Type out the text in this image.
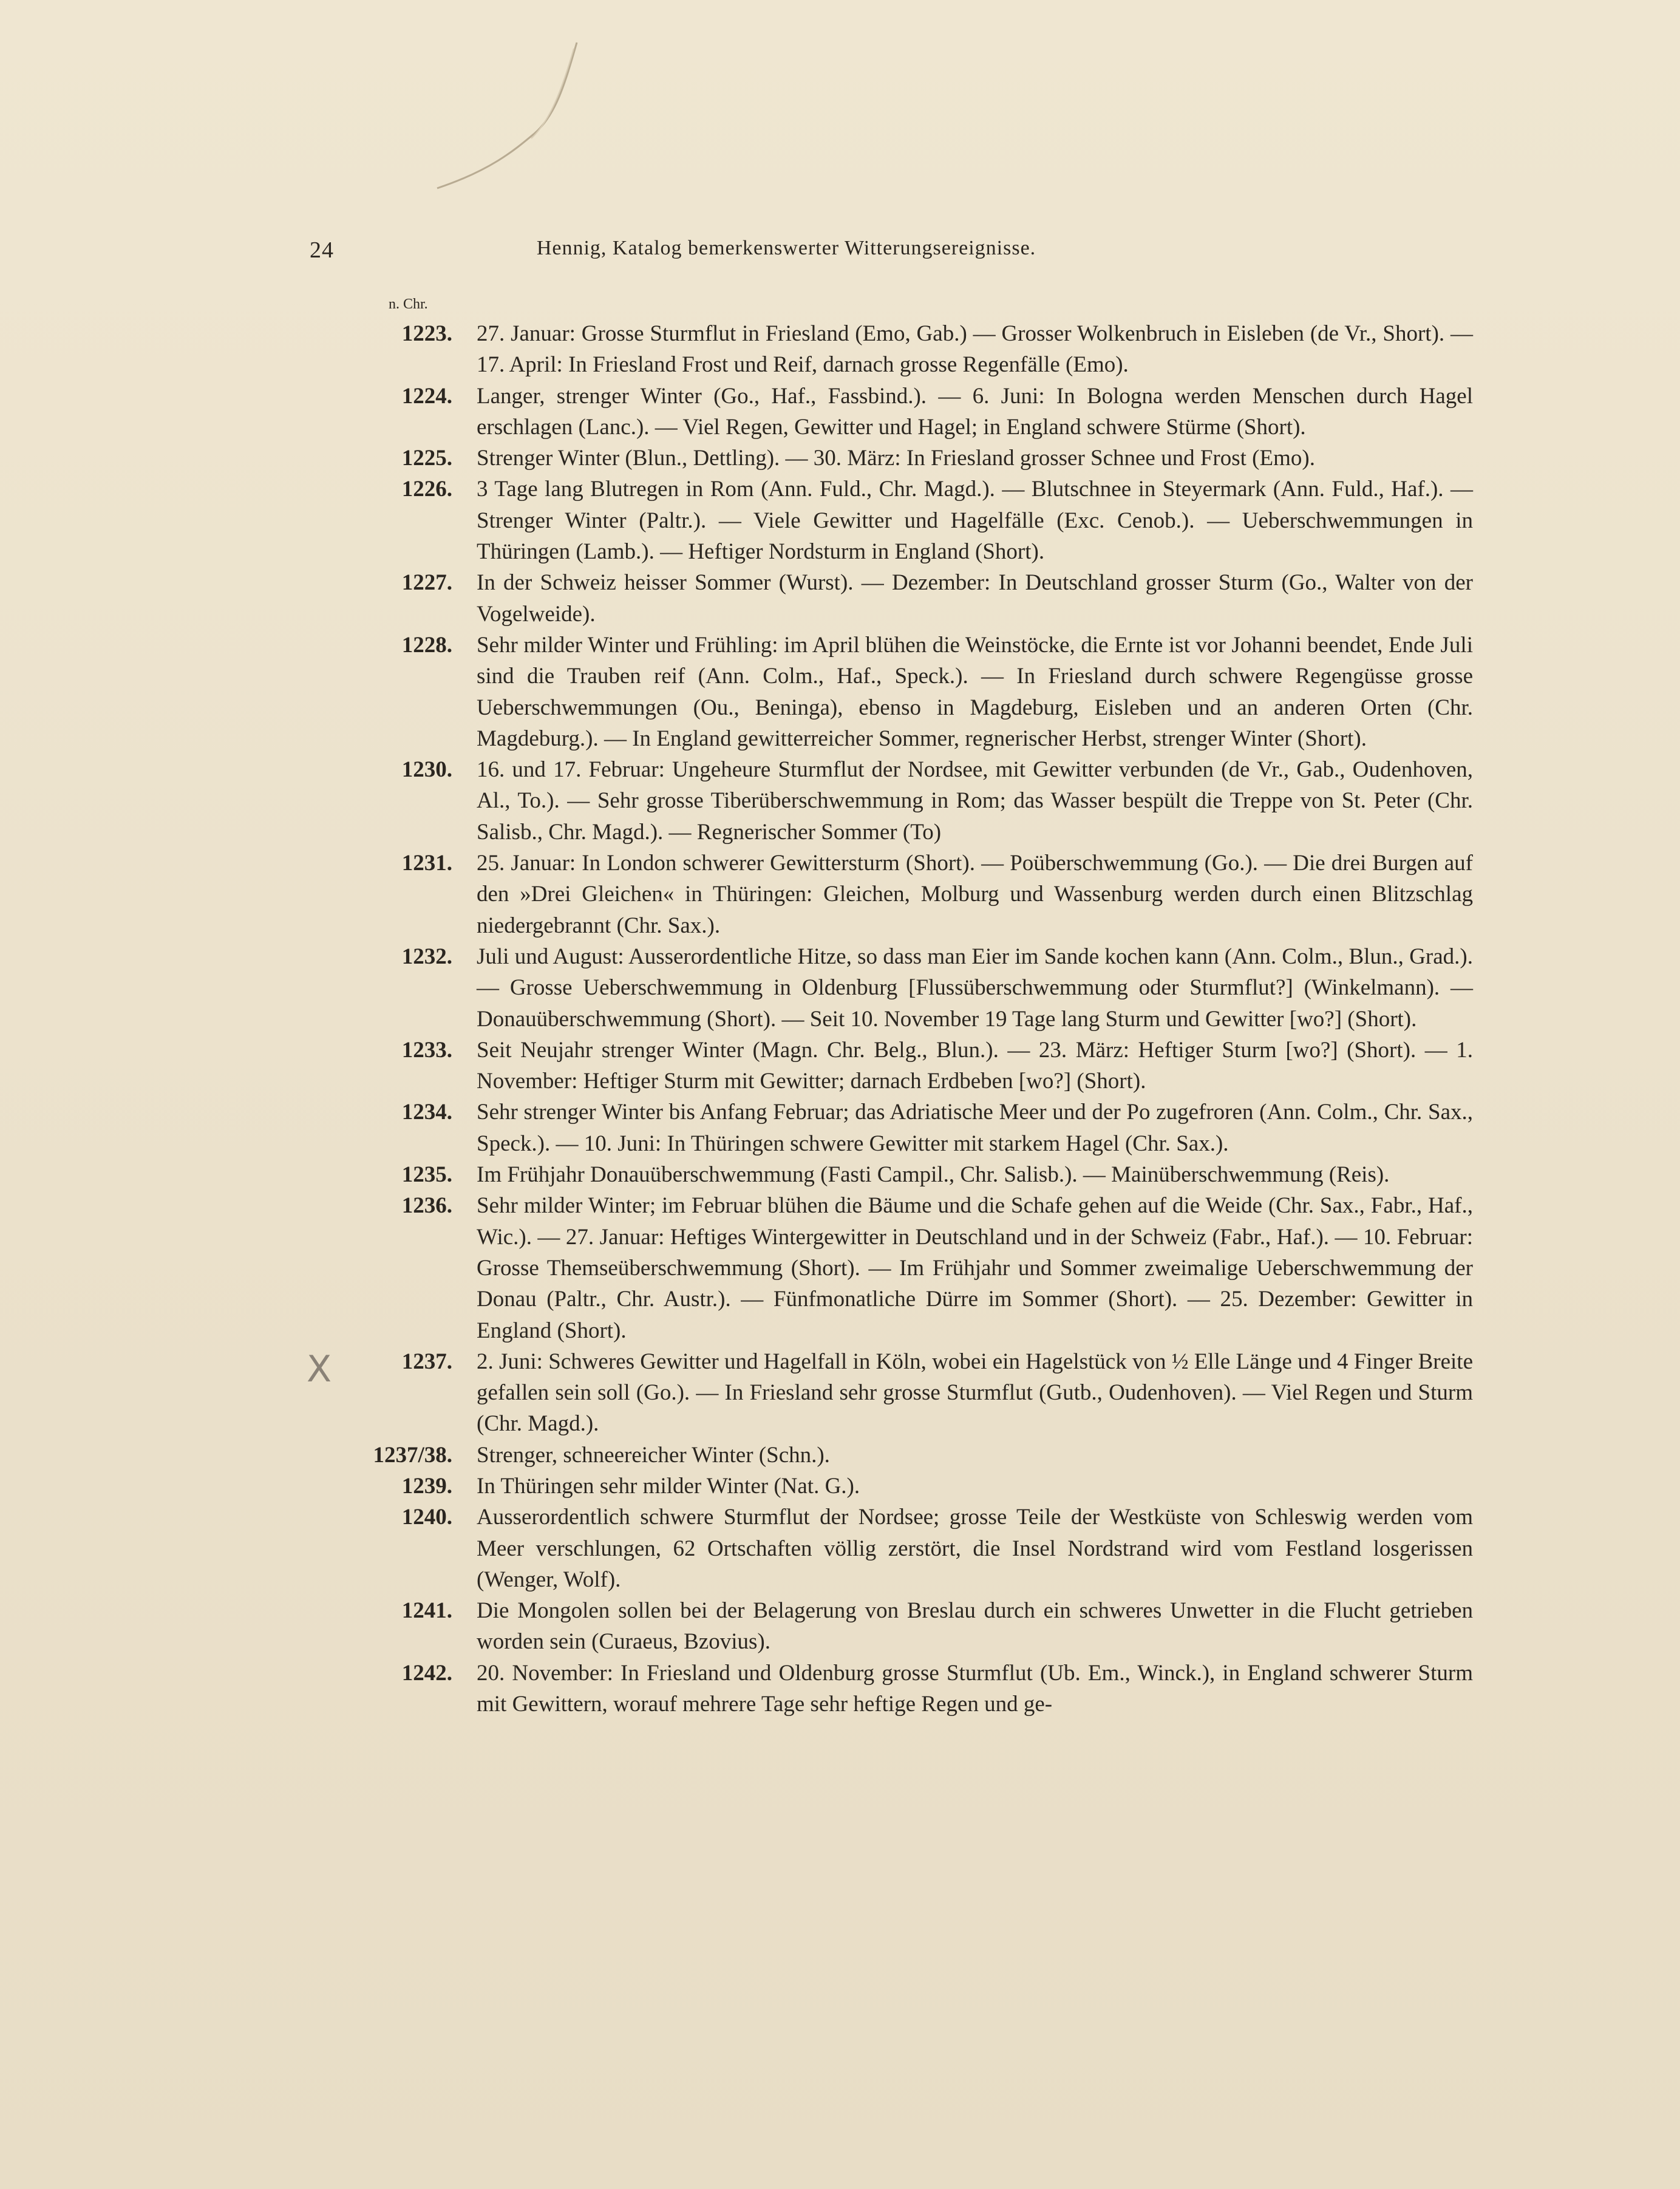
24	Hennig, Katalog bemerkenswerter Witterungsereignisse.
n. Chr.
X
1223.	27. Januar: Grosse Sturmflut in Friesland (Emo, Gab.) — Grosser Wolkenbruch in Eisleben (de Vr., Short). — 17. April: In Friesland Frost und Reif, darnach grosse Regenfälle (Emo).
1224.	Langer, strenger Winter (Go., Haf., Fassbind.). — 6. Juni: In Bologna werden Menschen durch Hagel erschlagen (Lanc.). — Viel Regen, Gewitter und Hagel; in England schwere Stürme (Short).
1225.	Strenger Winter (Blun., Dettling). — 30. März: In Friesland grosser Schnee und Frost (Emo).
1226.	3 Tage lang Blutregen in Rom (Ann. Fuld., Chr. Magd.). — Blutschnee in Steyermark (Ann. Fuld., Haf.). — Strenger Winter (Paltr.). — Viele Gewitter und Hagelfälle (Exc. Cenob.). — Ueberschwemmungen in Thüringen (Lamb.). — Heftiger Nordsturm in England (Short).
1227.	In der Schweiz heisser Sommer (Wurst). — Dezember: In Deutschland grosser Sturm (Go., Walter von der Vogelweide).
1228.	Sehr milder Winter und Frühling: im April blühen die Weinstöcke, die Ernte ist vor Johanni beendet, Ende Juli sind die Trauben reif (Ann. Colm., Haf., Speck.). — In Friesland durch schwere Regengüsse grosse Ueberschwemmungen (Ou., Beninga), ebenso in Magdeburg, Eisleben und an anderen Orten (Chr. Magdeburg.). — In England gewitterreicher Sommer, regnerischer Herbst, strenger Winter (Short).
1230.	16. und 17. Februar: Ungeheure Sturmflut der Nordsee, mit Gewitter verbunden (de Vr., Gab., Oudenhoven, Al., To.). — Sehr grosse Tiberüberschwemmung in Rom; das Wasser bespült die Treppe von St. Peter (Chr. Salisb., Chr. Magd.). — Regnerischer Sommer (To)
1231.	25. Januar: In London schwerer Gewittersturm (Short). — Poüberschwemmung (Go.). — Die drei Burgen auf den »Drei Gleichen« in Thüringen: Gleichen, Molburg und Wassenburg werden durch einen Blitzschlag niedergebrannt (Chr. Sax.).
1232.	Juli und August: Ausserordentliche Hitze, so dass man Eier im Sande kochen kann (Ann. Colm., Blun., Grad.). — Grosse Ueberschwemmung in Oldenburg [Flussüberschwemmung oder Sturmflut?] (Winkelmann). — Donauüberschwemmung (Short). — Seit 10. November 19 Tage lang Sturm und Gewitter [wo?] (Short).
1233.	Seit Neujahr strenger Winter (Magn. Chr. Belg., Blun.). — 23. März: Heftiger Sturm [wo?] (Short). — 1. November: Heftiger Sturm mit Gewitter; darnach Erdbeben [wo?] (Short).
1234.	Sehr strenger Winter bis Anfang Februar; das Adriatische Meer und der Po zugefroren (Ann. Colm., Chr. Sax., Speck.). — 10. Juni: In Thüringen schwere Gewitter mit starkem Hagel (Chr. Sax.).
1235.	Im Frühjahr Donauüberschwemmung (Fasti Campil., Chr. Salisb.). — Mainüberschwemmung (Reis).
1236.	Sehr milder Winter; im Februar blühen die Bäume und die Schafe gehen auf die Weide (Chr. Sax., Fabr., Haf., Wic.). — 27. Januar: Heftiges Wintergewitter in Deutschland und in der Schweiz (Fabr., Haf.). — 10. Februar: Grosse Themseüberschwemmung (Short). — Im Frühjahr und Sommer zweimalige Ueberschwemmung der Donau (Paltr., Chr. Austr.). — Fünfmonatliche Dürre im Sommer (Short). — 25. Dezember: Gewitter in England (Short).
1237.	2. Juni: Schweres Gewitter und Hagelfall in Köln, wobei ein Hagelstück von ½ Elle Länge und 4 Finger Breite gefallen sein soll (Go.). — In Friesland sehr grosse Sturmflut (Gutb., Oudenhoven). — Viel Regen und Sturm (Chr. Magd.).
1237/38.	Strenger, schneereicher Winter (Schn.).
1239.	In Thüringen sehr milder Winter (Nat. G.).
1240.	Ausserordentlich schwere Sturmflut der Nordsee; grosse Teile der Westküste von Schleswig werden vom Meer verschlungen, 62 Ortschaften völlig zerstört, die Insel Nordstrand wird vom Festland losgerissen (Wenger, Wolf).
1241.	Die Mongolen sollen bei der Belagerung von Breslau durch ein schweres Unwetter in die Flucht getrieben worden sein (Curaeus, Bzovius).
1242.	20. November: In Friesland und Oldenburg grosse Sturmflut (Ub. Em., Winck.), in England schwerer Sturm mit Gewittern, worauf mehrere Tage sehr heftige Regen und ge-
